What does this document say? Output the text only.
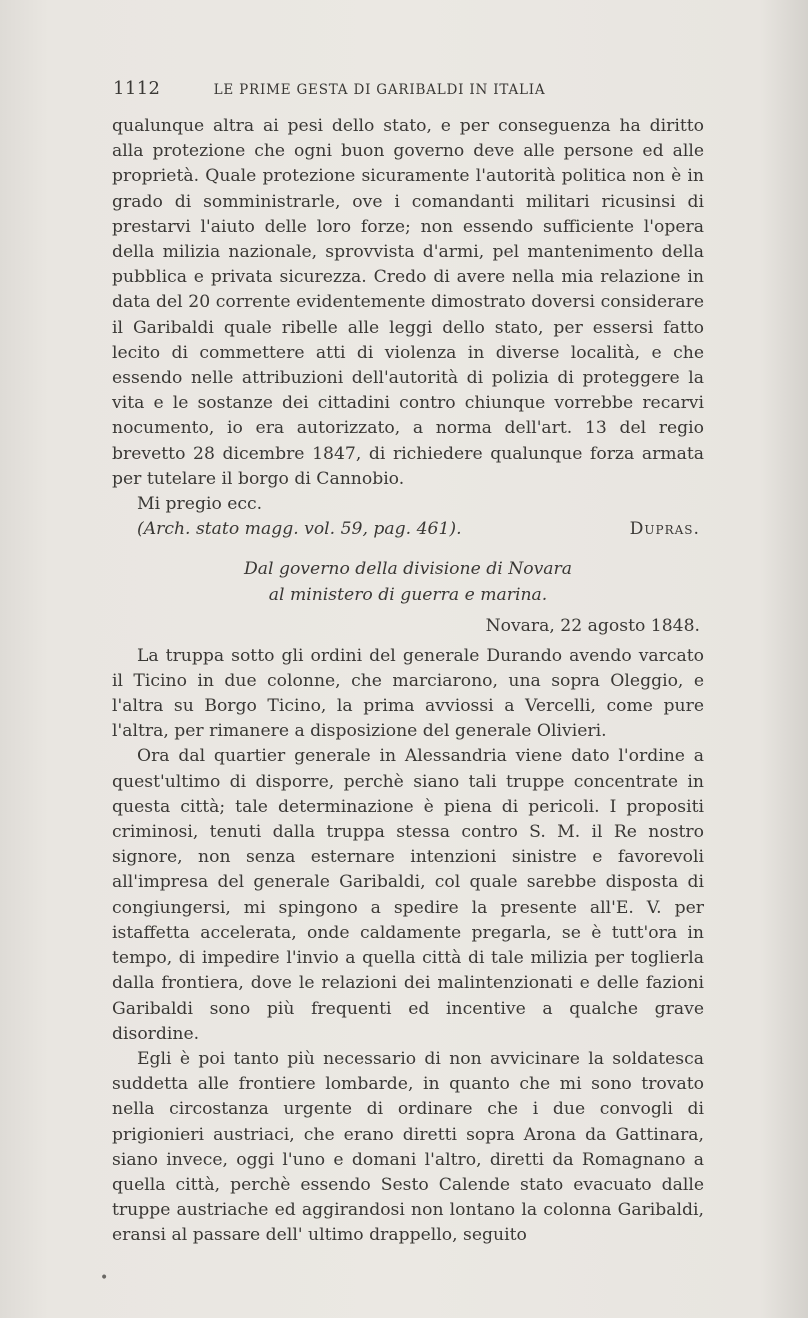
1112	LE PRIME GESTA DI GARIBALDI IN ITALIA

qualunque altra ai pesi dello stato, e per conseguenza ha diritto alla protezione che ogni buon governo deve alle persone ed alle proprietà. Quale protezione sicuramente l'autorità politica non è in grado di somministrarle, ove i comandanti militari ricusinsi di prestarvi l'aiuto delle loro forze; non essendo sufficiente l'opera della milizia nazionale, sprovvista d'armi, pel mantenimento della pubblica e privata sicurezza. Credo di avere nella mia relazione in data del 20 corrente evidentemente dimostrato doversi considerare il Garibaldi quale ribelle alle leggi dello stato, per essersi fatto lecito di commettere atti di violenza in diverse località, e che essendo nelle attribuzioni dell'autorità di polizia di proteggere la vita e le sostanze dei cittadini contro chiunque vorrebbe recarvi nocumento, io era autorizzato, a norma dell'art. 13 del regio brevetto 28 dicembre 1847, di richiedere qualunque forza armata per tutelare il borgo di Cannobio.

Mi pregio ecc.

(Arch. stato magg. vol. 59, pag. 461).	Dupras.
Dal governo della divisione di Novara
al ministero di guerra e marina.
Novara, 22 agosto 1848.

La truppa sotto gli ordini del generale Durando avendo varcato il Ticino in due colonne, che marciarono, una sopra Oleggio, e l'altra su Borgo Ticino, la prima avviossi a Vercelli, come pure l'altra, per rimanere a disposizione del generale Olivieri.

Ora dal quartier generale in Alessandria viene dato l'ordine a quest'ultimo di disporre, perchè siano tali truppe concentrate in questa città; tale determinazione è piena di pericoli. I propositi criminosi, tenuti dalla truppa stessa contro S. M. il Re nostro signore, non senza esternare intenzioni sinistre e favorevoli all'impresa del generale Garibaldi, col quale sarebbe disposta di congiungersi, mi spingono a spedire la presente all'E. V. per istaffetta accelerata, onde caldamente pregarla, se è tutt'ora in tempo, di impedire l'invio a quella città di tale milizia per toglierla dalla frontiera, dove le relazioni dei malintenzionati e delle fazioni Garibaldi sono più frequenti ed incentive a qualche grave disordine.

Egli è poi tanto più necessario di non avvicinare la soldatesca suddetta alle frontiere lombarde, in quanto che mi sono trovato nella circostanza urgente di ordinare che i due convogli di prigionieri austriaci, che erano diretti sopra Arona da Gattinara, siano invece, oggi l'uno e domani l'altro, diretti da Romagnano a quella città, perchè essendo Sesto Calende stato evacuato dalle truppe austriache ed aggirandosi non lontano la colonna Garibaldi, eransi al passare dell' ultimo drappello, seguito

•
